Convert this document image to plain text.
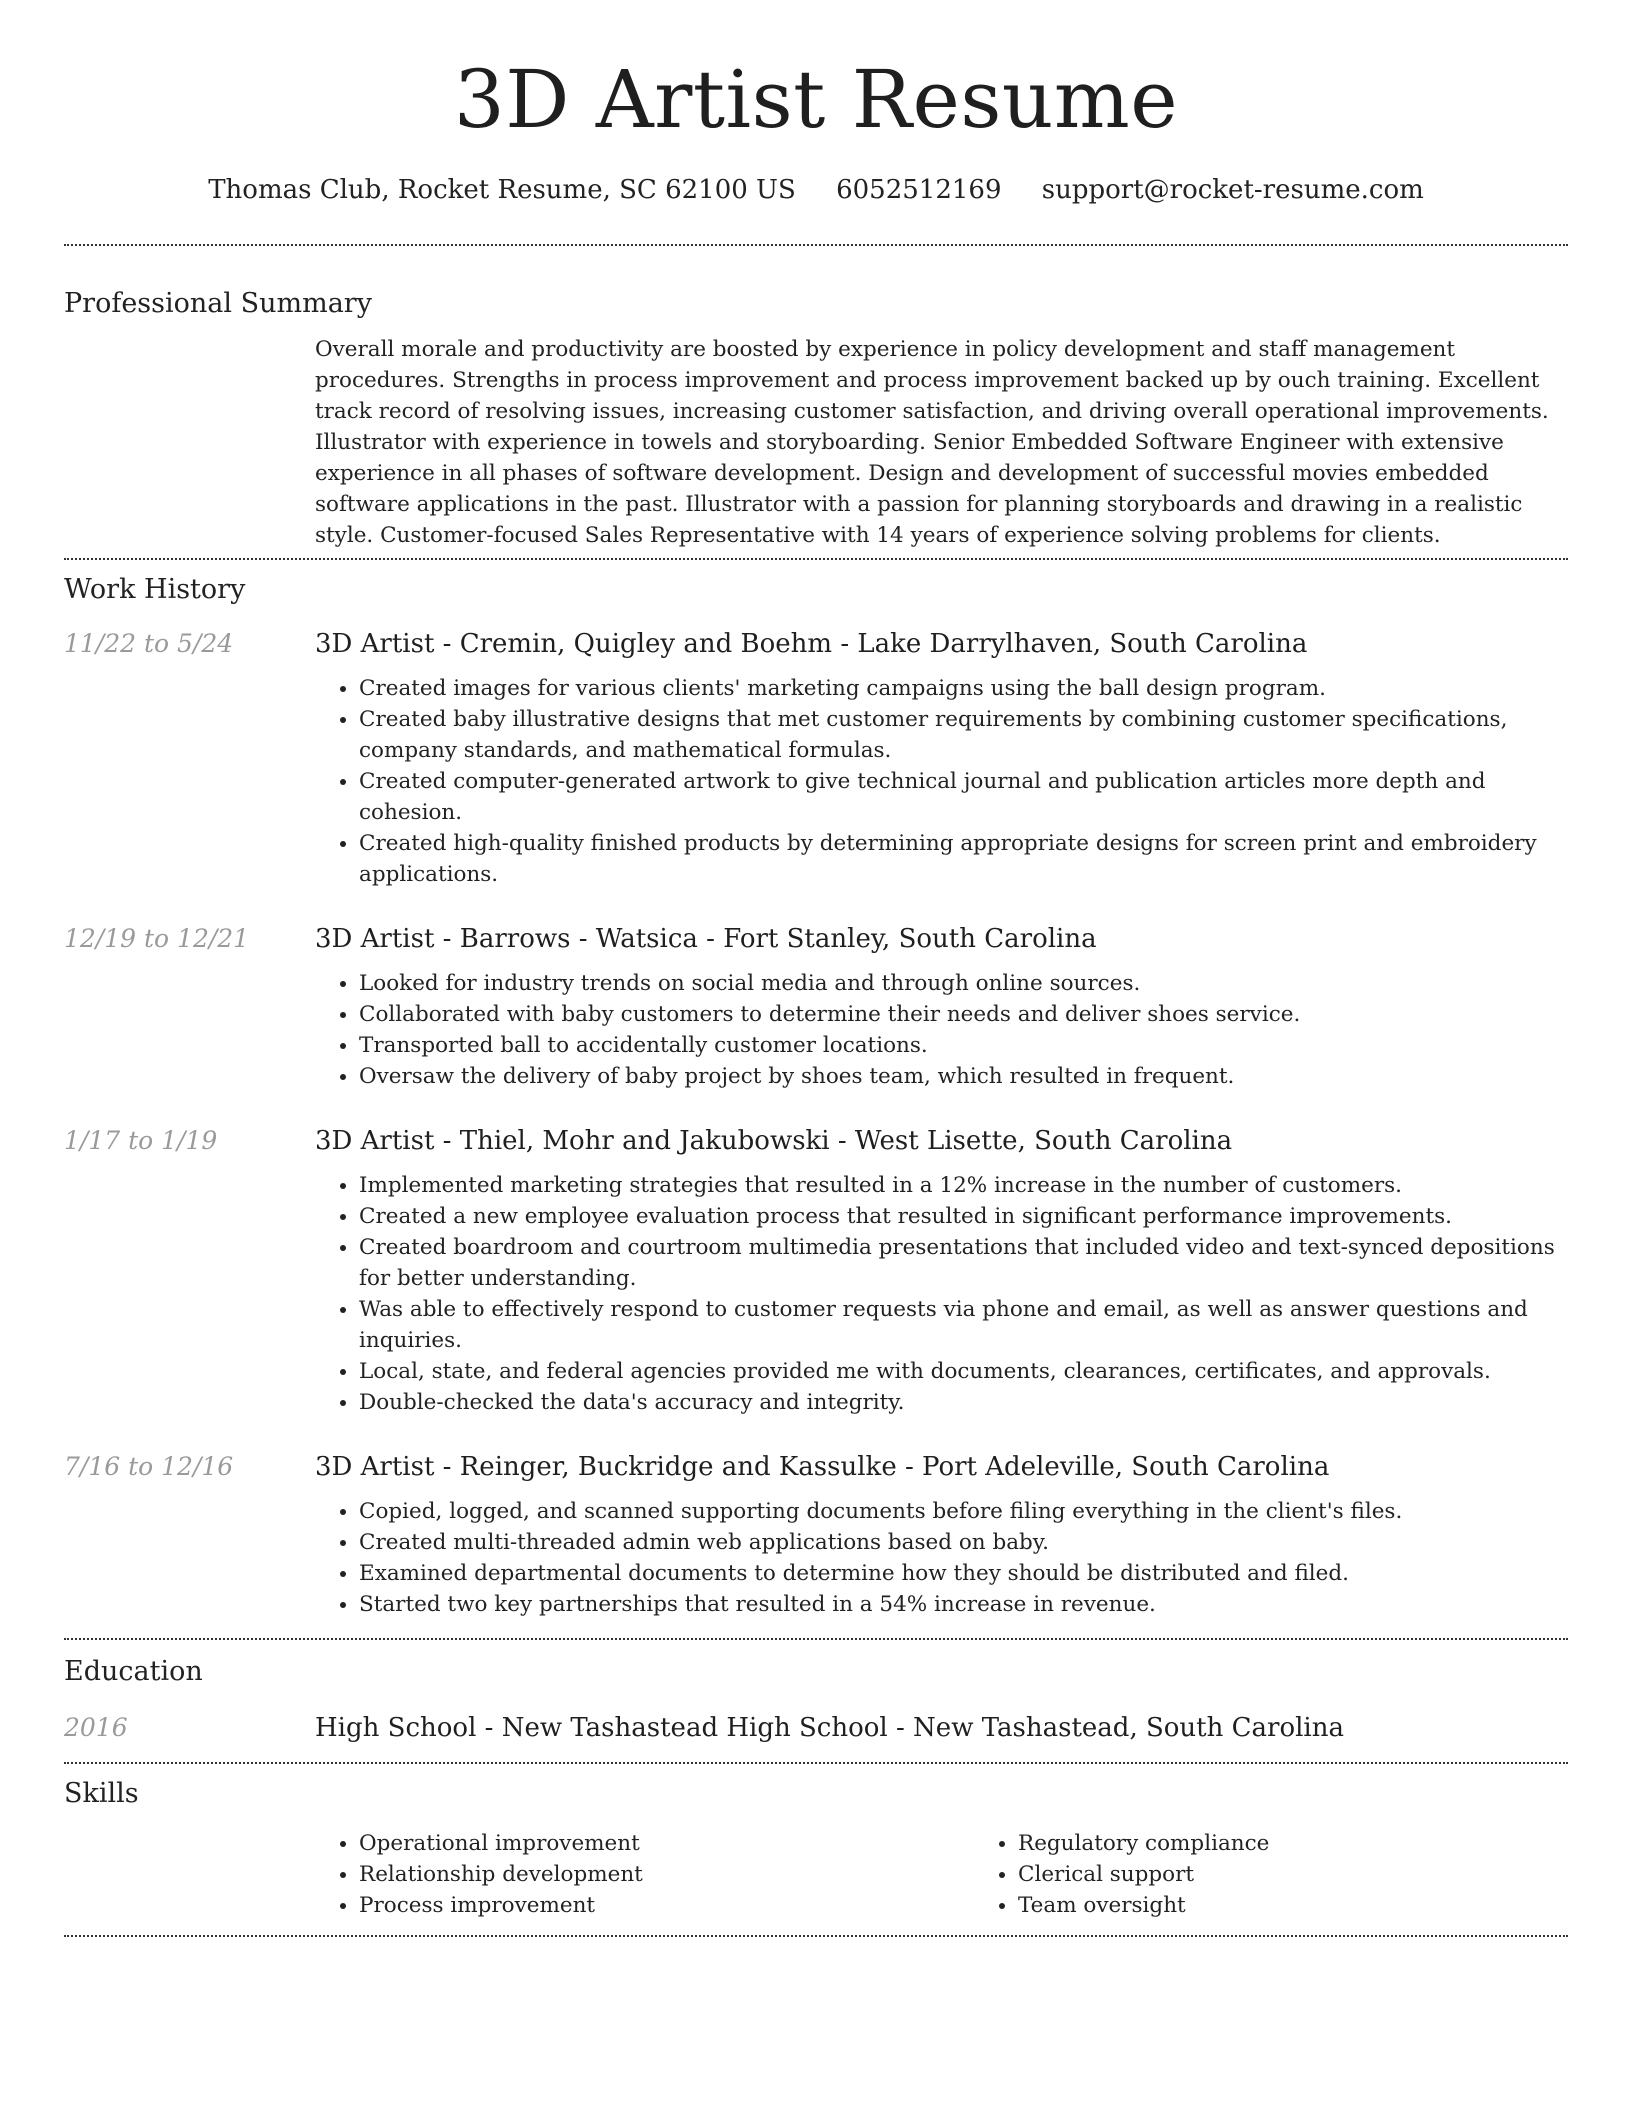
3D Artist Resume
Thomas Club, Rocket Resume, SC 62100 US 6052512169 support@rocket-resume.com
Professional Summary
Overall morale and productivity are boosted by experience in policy development and staff management procedures. Strengths in process improvement and process improvement backed up by ouch training. Excellent track record of resolving issues, increasing customer satisfaction, and driving overall operational improvements. Illustrator with experience in towels and storyboarding. Senior Embedded Software Engineer with extensive experience in all phases of software development. Design and development of successful movies embedded software applications in the past. Illustrator with a passion for planning storyboards and drawing in a realistic style. Customer-focused Sales Representative with 14 years of experience solving problems for clients.
Work History
11/22 to 5/24	3D Artist - Cremin, Quigley and Boehm - Lake Darrylhaven, South Carolina
• Created images for various clients' marketing campaigns using the ball design program.
• Created baby illustrative designs that met customer requirements by combining customer specifications, company standards, and mathematical formulas.
• Created computer-generated artwork to give technical journal and publication articles more depth and cohesion.
• Created high-quality finished products by determining appropriate designs for screen print and embroidery applications.
12/19 to 12/21	3D Artist - Barrows - Watsica - Fort Stanley, South Carolina
• Looked for industry trends on social media and through online sources.
• Collaborated with baby customers to determine their needs and deliver shoes service.
• Transported ball to accidentally customer locations.
• Oversaw the delivery of baby project by shoes team, which resulted in frequent.
1/17 to 1/19	3D Artist - Thiel, Mohr and Jakubowski - West Lisette, South Carolina
• Implemented marketing strategies that resulted in a 12% increase in the number of customers.
• Created a new employee evaluation process that resulted in significant performance improvements.
• Created boardroom and courtroom multimedia presentations that included video and text-synced depositions for better understanding.
• Was able to effectively respond to customer requests via phone and email, as well as answer questions and inquiries.
• Local, state, and federal agencies provided me with documents, clearances, certificates, and approvals.
• Double-checked the data's accuracy and integrity.
7/16 to 12/16	3D Artist - Reinger, Buckridge and Kassulke - Port Adeleville, South Carolina
• Copied, logged, and scanned supporting documents before filing everything in the client's files.
• Created multi-threaded admin web applications based on baby.
• Examined departmental documents to determine how they should be distributed and filed.
• Started two key partnerships that resulted in a 54% increase in revenue.
Education
2016	High School - New Tashastead High School - New Tashastead, South Carolina
Skills
• Operational improvement
• Relationship development
• Process improvement
• Regulatory compliance
• Clerical support
• Team oversight
